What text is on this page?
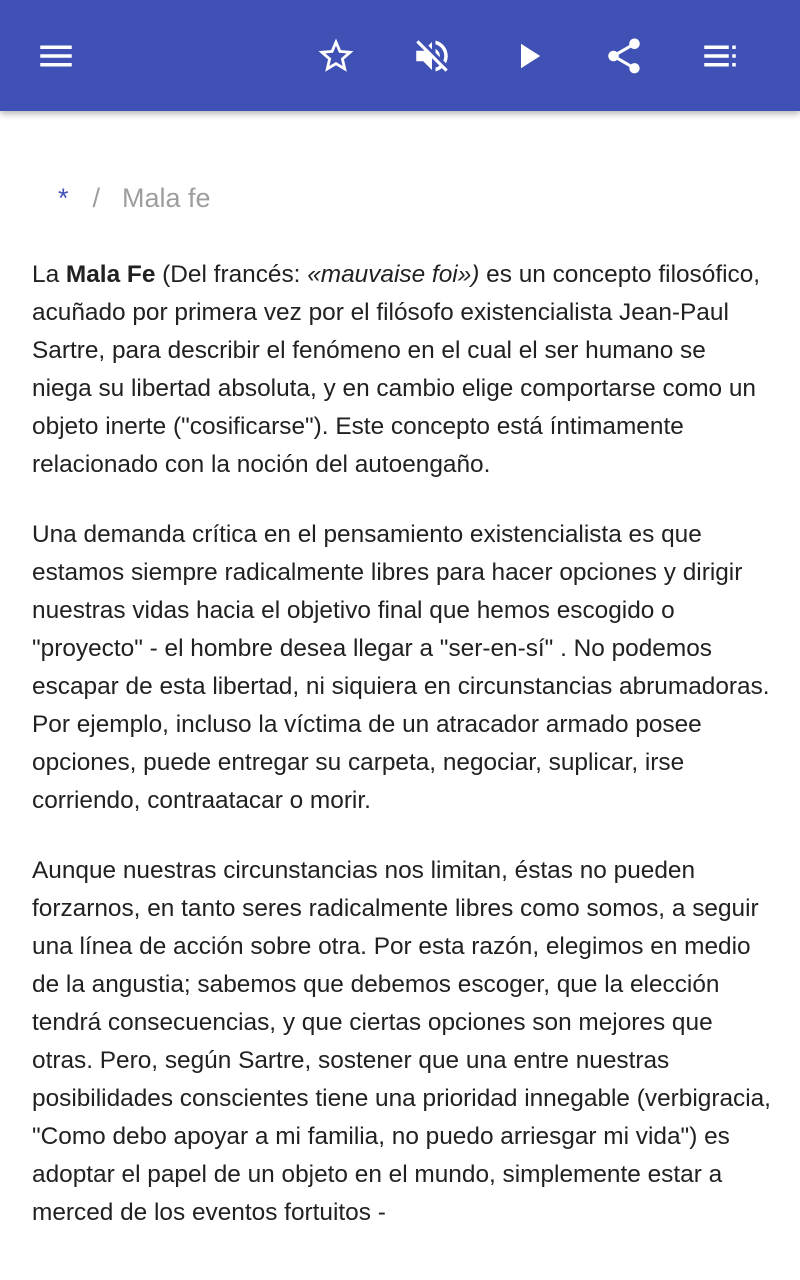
* / Mala fe

La Mala Fe (Del francés: «mauvaise foi») es un concepto filosófico, acuñado por primera vez por el filósofo existencialista Jean-Paul Sartre, para describir el fenómeno en el cual el ser humano se niega su libertad absoluta, y en cambio elige comportarse como un objeto inerte ("cosificarse"). Este concepto está íntimamente relacionado con la noción del autoengaño.

Una demanda crítica en el pensamiento existencialista es que estamos siempre radicalmente libres para hacer opciones y dirigir nuestras vidas hacia el objetivo final que hemos escogido o "proyecto" - el hombre desea llegar a "ser-en-sí" . No podemos escapar de esta libertad, ni siquiera en circunstancias abrumadoras. Por ejemplo, incluso la víctima de un atracador armado posee opciones, puede entregar su carpeta, negociar, suplicar, irse corriendo, contraatacar o morir.

Aunque nuestras circunstancias nos limitan, éstas no pueden forzarnos, en tanto seres radicalmente libres como somos, a seguir una línea de acción sobre otra. Por esta razón, elegimos en medio de la angustia; sabemos que debemos escoger, que la elección tendrá consecuencias, y que ciertas opciones son mejores que otras. Pero, según Sartre, sostener que una entre nuestras posibilidades conscientes tiene una prioridad innegable (verbigracia, "Como debo apoyar a mi familia, no puedo arriesgar mi vida") es adoptar el papel de un objeto en el mundo, simplemente estar a merced de los eventos fortuitos -
